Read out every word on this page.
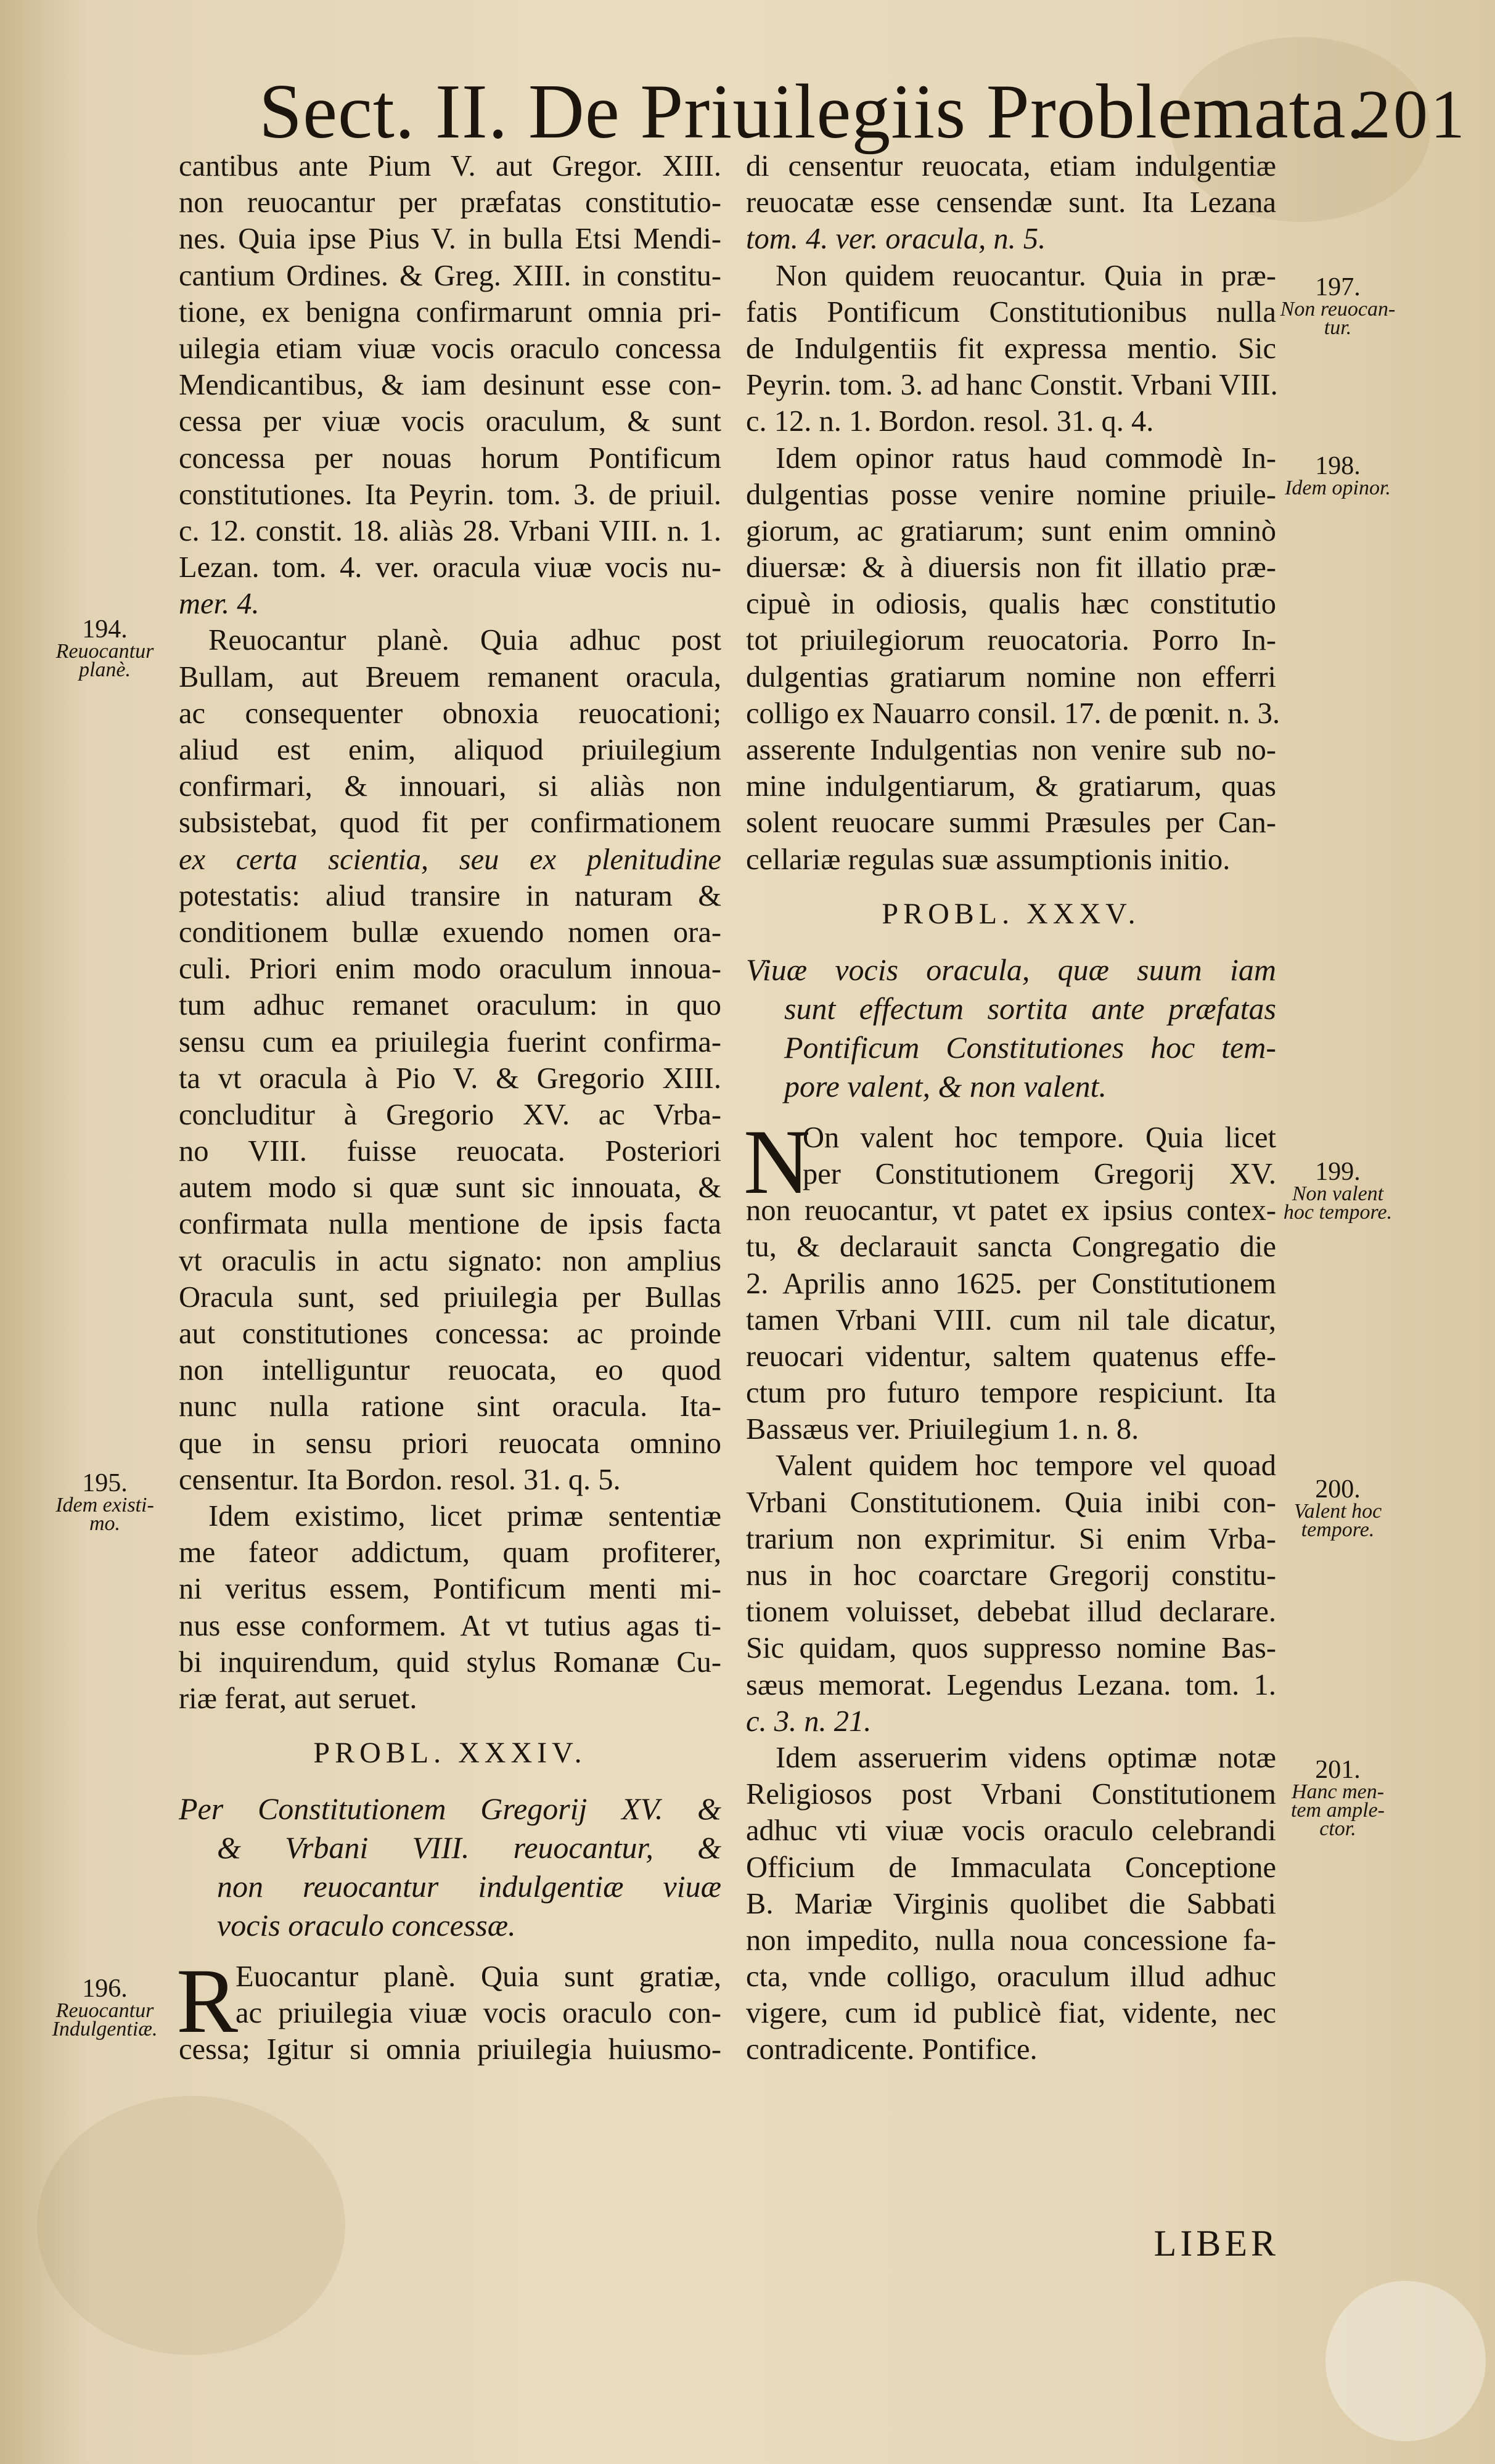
Sect. II. De Priuilegiis Problemata.
201
cantibus ante Pium V. aut Gregor. XIII.
non reuocantur per præfatas constitutio-
nes. Quia ipse Pius V. in bulla Etsi Mendi-
cantium Ordines. & Greg. XIII. in constitu-
tione, ex benigna confirmarunt omnia pri-
uilegia etiam viuæ vocis oraculo concessa
Mendicantibus, & iam desinunt esse con-
cessa per viuæ vocis oraculum, & sunt
concessa per nouas horum Pontificum
constitutiones. Ita Peyrin. tom. 3. de priuil.
c. 12. constit. 18. aliàs 28. Vrbani VIII. n. 1.
Lezan. tom. 4. ver. oracula viuæ vocis nu-
mer. 4.
Reuocantur planè. Quia adhuc post
Bullam, aut Breuem remanent oracula,
ac consequenter obnoxia reuocationi;
aliud est enim, aliquod priuilegium
confirmari, & innouari, si aliàs non
subsistebat, quod fit per confirmationem
ex certa scientia, seu ex plenitudine
potestatis: aliud transire in naturam &
conditionem bullæ exuendo nomen ora-
culi. Priori enim modo oraculum innoua-
tum adhuc remanet oraculum: in quo
sensu cum ea priuilegia fuerint confirma-
ta vt oracula à Pio V. & Gregorio XIII.
concluditur à Gregorio XV. ac Vrba-
no VIII. fuisse reuocata. Posteriori
autem modo si quæ sunt sic innouata, &
confirmata nulla mentione de ipsis facta
vt oraculis in actu signato: non amplius
Oracula sunt, sed priuilegia per Bullas
aut constitutiones concessa: ac proinde
non intelliguntur reuocata, eo quod
nunc nulla ratione sint oracula. Ita-
que in sensu priori reuocata omnino
censentur. Ita Bordon. resol. 31. q. 5.
Idem existimo, licet primæ sententiæ
me fateor addictum, quam profiterer,
ni veritus essem, Pontificum menti mi-
nus esse conformem. At vt tutius agas ti-
bi inquirendum, quid stylus Romanæ Cu-
riæ ferat, aut seruet.
PROBL. XXXIV.
Per Constitutionem Gregorij XV. &
& Vrbani VIII. reuocantur, &
non reuocantur indulgentiæ viuæ
vocis oraculo concessæ.
R
Euocantur planè. Quia sunt gratiæ,
ac priuilegia viuæ vocis oraculo con-
cessa; Igitur si omnia priuilegia huiusmo-
di censentur reuocata, etiam indulgentiæ
reuocatæ esse censendæ sunt. Ita Lezana
tom. 4. ver. oracula, n. 5.
Non quidem reuocantur. Quia in præ-
fatis Pontificum Constitutionibus nulla
de Indulgentiis fit expressa mentio. Sic
Peyrin. tom. 3. ad hanc Constit. Vrbani VIII.
c. 12. n. 1. Bordon. resol. 31. q. 4.
Idem opinor ratus haud commodè In-
dulgentias posse venire nomine priuile-
giorum, ac gratiarum; sunt enim omninò
diuersæ: & à diuersis non fit illatio præ-
cipuè in odiosis, qualis hæc constitutio
tot priuilegiorum reuocatoria. Porro In-
dulgentias gratiarum nomine non efferri
colligo ex Nauarro consil. 17. de pœnit. n. 3.
asserente Indulgentias non venire sub no-
mine indulgentiarum, & gratiarum, quas
solent reuocare summi Præsules per Can-
cellariæ regulas suæ assumptionis initio.
PROBL. XXXV.
Viuæ vocis oracula, quæ suum iam
sunt effectum sortita ante præfatas
Pontificum Constitutiones hoc tem-
pore valent, & non valent.
N
On valent hoc tempore. Quia licet
per Constitutionem Gregorij XV.
non reuocantur, vt patet ex ipsius contex-
tu, & declarauit sancta Congregatio die
2. Aprilis anno 1625. per Constitutionem
tamen Vrbani VIII. cum nil tale dicatur,
reuocari videntur, saltem quatenus effe-
ctum pro futuro tempore respiciunt. Ita
Bassæus ver. Priuilegium 1. n. 8.
Valent quidem hoc tempore vel quoad
Vrbani Constitutionem. Quia inibi con-
trarium non exprimitur. Si enim Vrba-
nus in hoc coarctare Gregorij constitu-
tionem voluisset, debebat illud declarare.
Sic quidam, quos suppresso nomine Bas-
sæus memorat. Legendus Lezana. tom. 1.
c. 3. n. 21.
Idem asseruerim videns optimæ notæ
Religiosos post Vrbani Constitutionem
adhuc vti viuæ vocis oraculo celebrandi
Officium de Immaculata Conceptione
B. Mariæ Virginis quolibet die Sabbati
non impedito, nulla noua concessione fa-
cta, vnde colligo, oraculum illud adhuc
vigere, cum id publicè fiat, vidente, nec
contradicente. Pontifice.
194.
Reuocantur
planè.
195.
Idem existi-
mo.
196.
Reuocantur
Indulgentiæ.
197.
Non reuocan-
tur.
198.
Idem opinor.
199.
Non valent
hoc tempore.
200.
Valent hoc
tempore.
201.
Hanc men-
tem ample-
ctor.
LIBER
